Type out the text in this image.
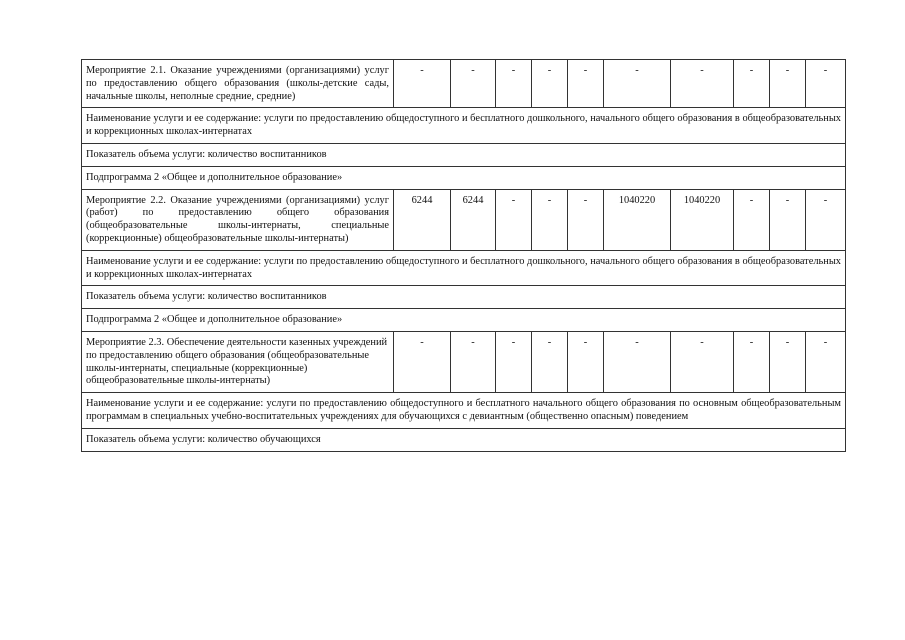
Мероприятие 2.1. Оказание учреждениями (организациями) услуг по предоставлению общего образования (школы-детские сады, начальные школы, неполные средние, средние)	-	-	-	-	-	-	-	-	-	-
Наименование услуги и ее содержание: услуги по предоставлению общедоступного и бесплатного дошкольного, начального общего образования в общеобразовательных и коррекционных школах-интернатах										
Показатель объема услуги: количество воспитанников										
Подпрограмма 2 «Общее и дополнительное образование»										
Мероприятие 2.2. Оказание учреждениями (организациями) услуг (работ) по предоставлению общего образования (общеобразовательные школы-интернаты, специальные (коррекционные) общеобразовательные школы-интернаты)	6244	6244	-	-	-	1040220	1040220	-	-	-
Наименование услуги и ее содержание: услуги по предоставлению общедоступного и бесплатного дошкольного, начального общего образования в общеобразовательных и коррекционных школах-интернатах										
Показатель объема услуги: количество воспитанников										
Подпрограмма 2 «Общее и дополнительное образование»										
Мероприятие 2.3. Обеспечение деятельности казенных учреждений по предоставлению общего образования (общеобразовательные школы-интернаты, специальные (коррекционные) общеобразовательные школы-интернаты)	-	-	-	-	-	-	-	-	-	-
Наименование услуги и ее содержание: услуги по предоставлению общедоступного и бесплатного начального общего образования по основным общеобразовательным программам в специальных учебно-воспитательных учреждениях для обучающихся с девиантным (общественно опасным) поведением										
Показатель объема услуги: количество обучающихся										
